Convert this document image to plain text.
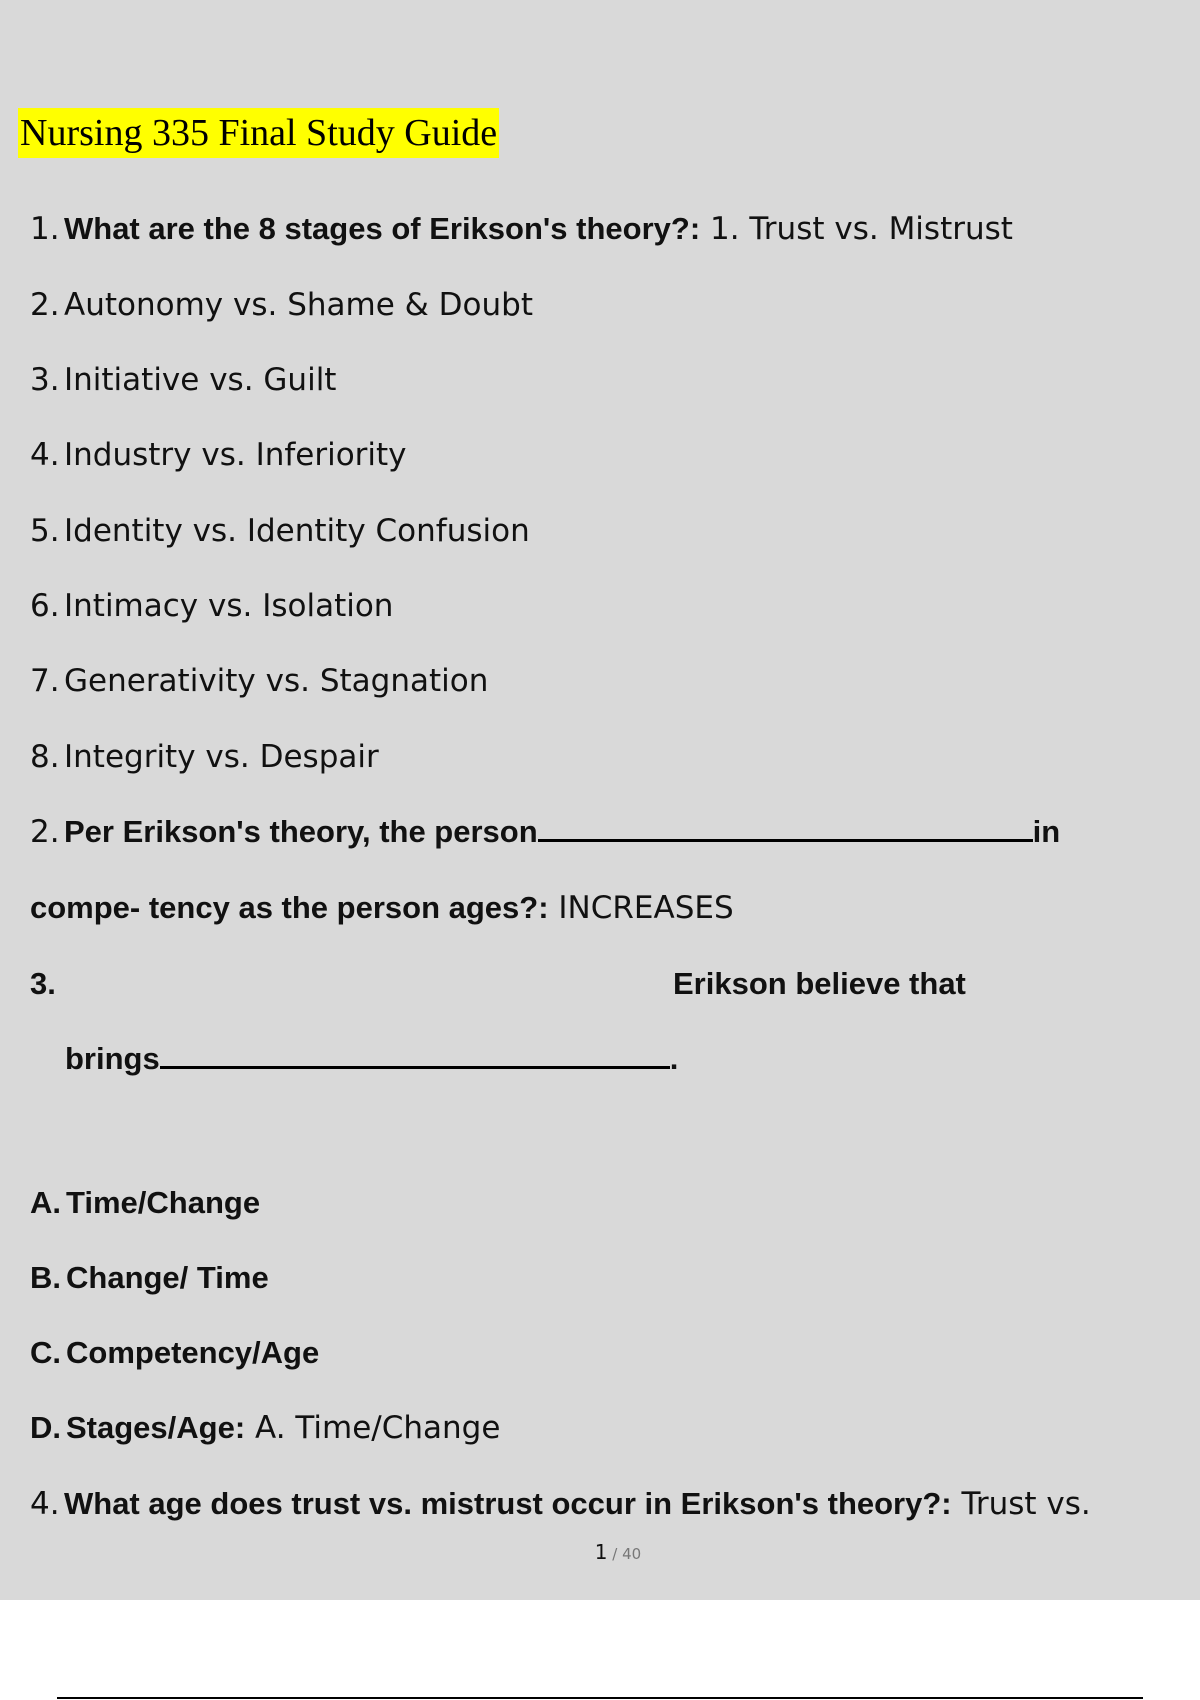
Nursing 335 Final Study Guide
1. What are the 8 stages of Erikson's theory?: 1. Trust vs. Mistrust
2. Autonomy vs. Shame & Doubt
3. Initiative vs. Guilt
4. Industry vs. Inferiority
5. Identity vs. Identity Confusion
6. Intimacy vs. Isolation
7. Generativity vs. Stagnation
8. Integrity vs. Despair
2. Per Erikson's theory, the person	in
compe- tency as the person ages?: INCREASES
3.	Erikson believe that
brings	.
A. Time/Change
B. Change/ Time
C. Competency/Age
D. Stages/Age: A. Time/Change
4. What age does trust vs. mistrust occur in Erikson's theory?: Trust vs.
1 / 40
